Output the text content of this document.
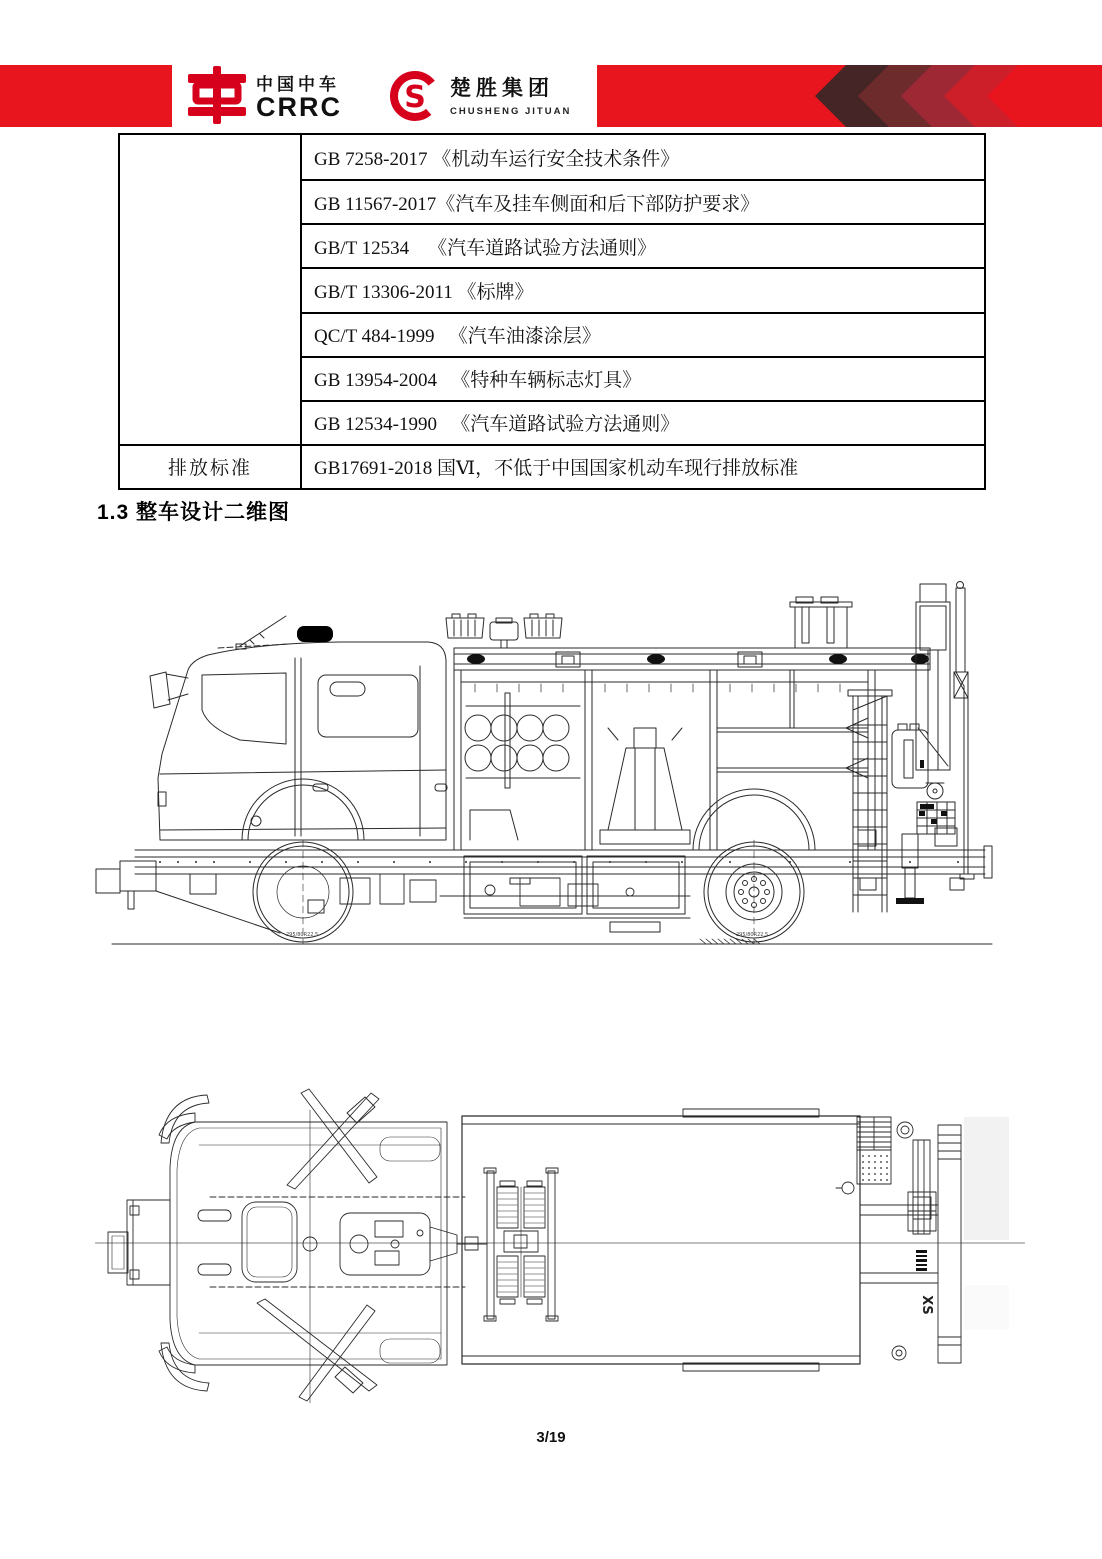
中国中车
CRRC S 楚胜集团
CHUSHENG JITUAN
GB 7258-2017 《机动车运行安全技术条件》
GB 11567-2017《汽车及挂车侧面和后下部防护要求》
GB/T 12534    《汽车道路试验方法通则》
GB/T 13306-2011 《标牌》
QC/T 484-1999   《汽车油漆涂层》
GB 13954-2004   《特种车辆标志灯具》
GB 12534-1990   《汽车道路试验方法通则》
排放标准	GB17691-2018 国Ⅵ，不低于中国国家机动车现行排放标准
1.3 整车设计二维图
295/80R22.5	295/80R22.5
XS
3/19
